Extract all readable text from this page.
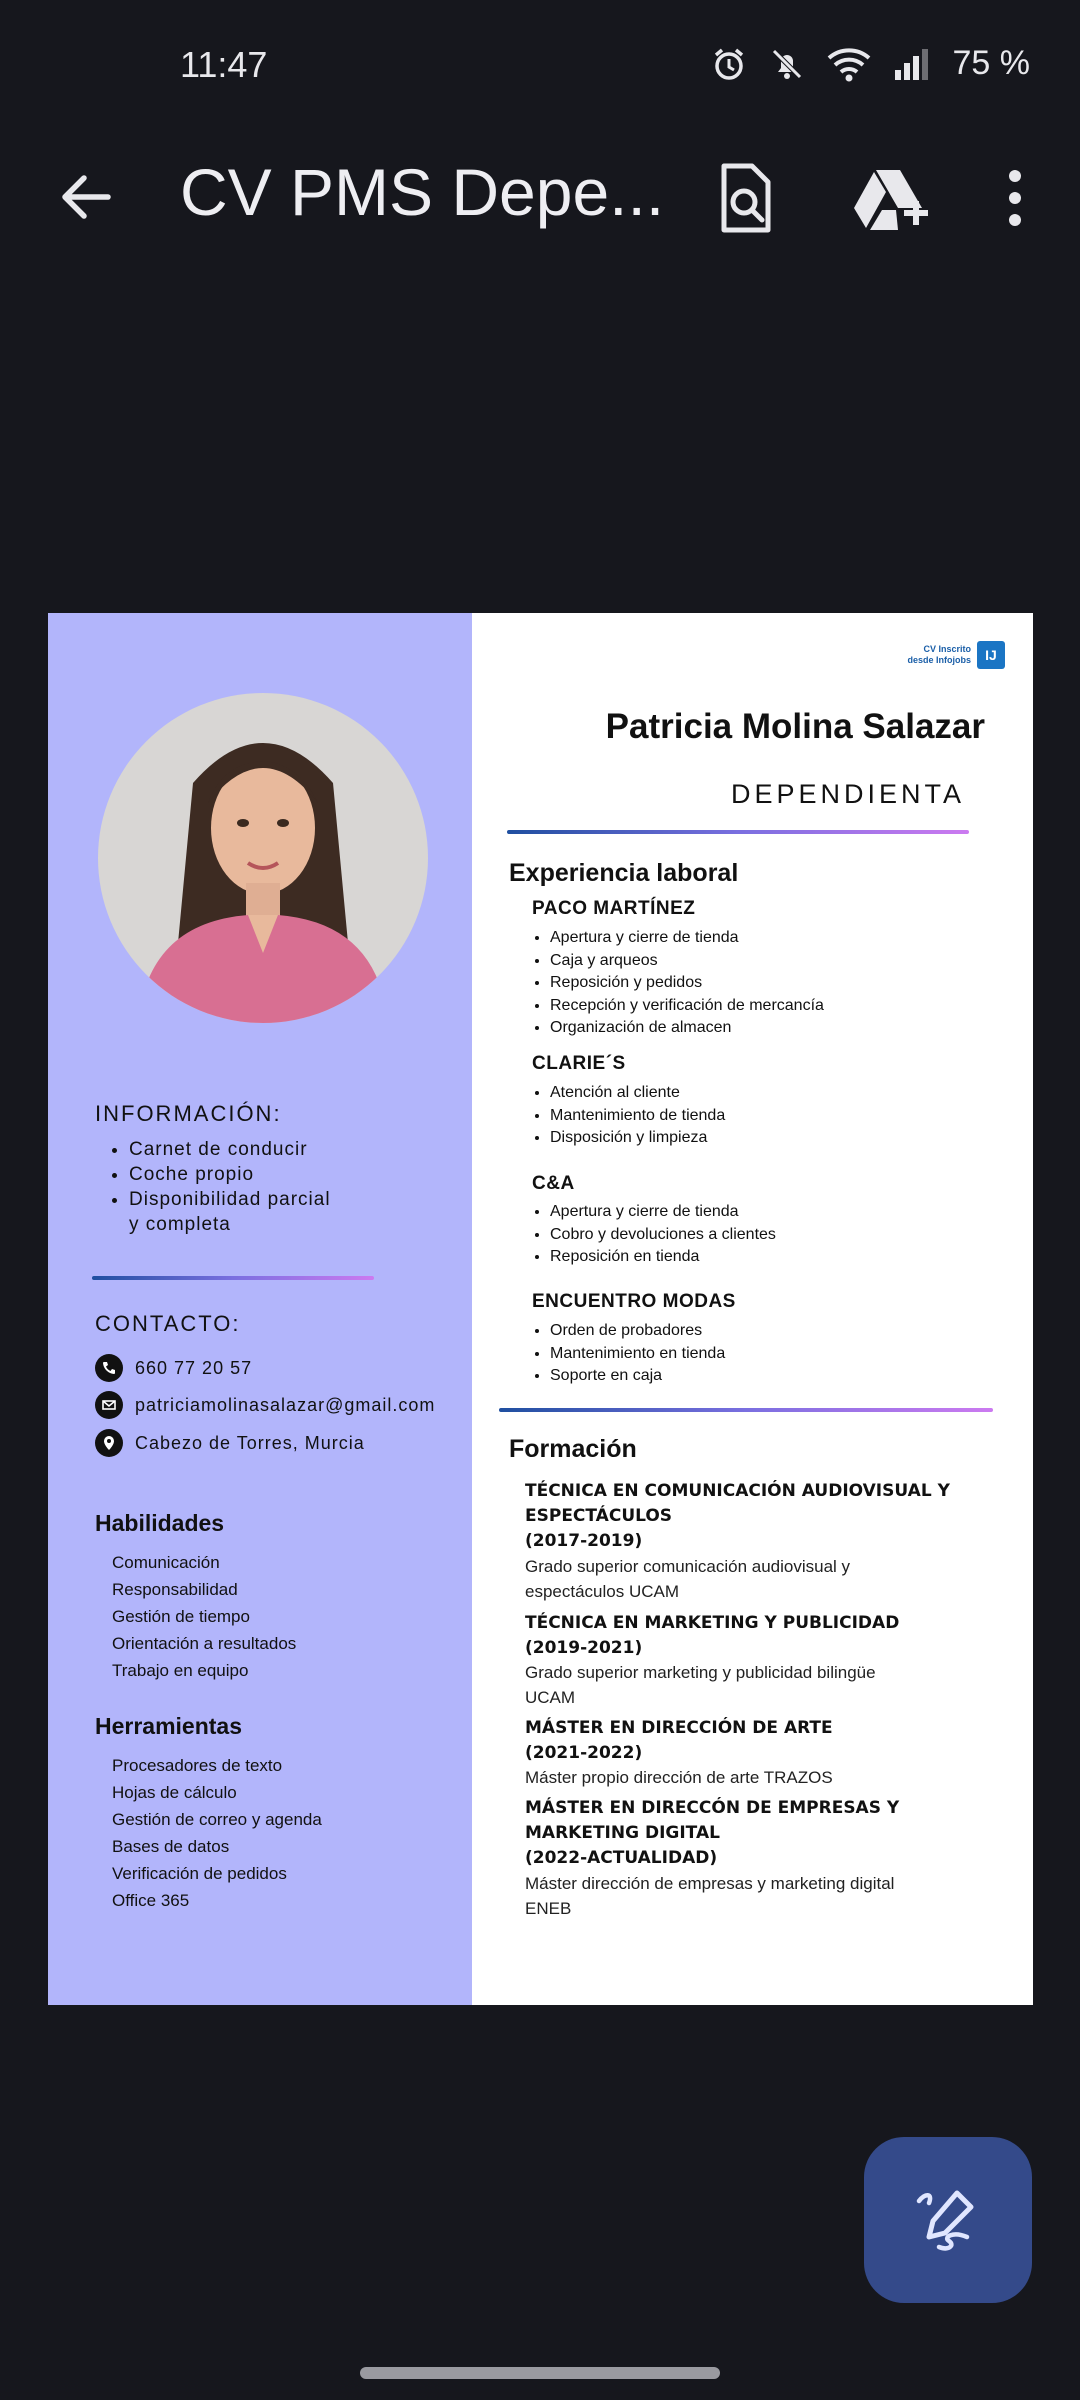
11:47	75 %
CV PMS Depe...
INFORMACIÓN:
• Carnet de conducir
• Coche propio
• Disponibilidad parcial
y completa
CONTACTO:
660 77 20 57
patriciamolinasalazar@gmail.com
Cabezo de Torres, Murcia
Habilidades
Comunicación
Responsabilidad
Gestión de tiempo
Orientación a resultados
Trabajo en equipo
Herramientas
Procesadores de texto
Hojas de cálculo
Gestión de correo y agenda
Bases de datos
Verificación de pedidos
Office 365
CV Inscrito
desde Infojobs	IJ
Patricia Molina Salazar
DEPENDIENTA
Experiencia laboral
PACO MARTÍNEZ
• Apertura y cierre de tienda
• Caja y arqueos
• Reposición y pedidos
• Recepción y verificación de mercancía
• Organización de almacen
CLARIE´S
• Atención al cliente
• Mantenimiento de tienda
• Disposición y limpieza
C&A
• Apertura y cierre de tienda
• Cobro y devoluciones a clientes
• Reposición en tienda
ENCUENTRO MODAS
• Orden de probadores
• Mantenimiento en tienda
• Soporte en caja
Formación
TÉCNICA EN COMUNICACIÓN AUDIOVISUAL Y
ESPECTÁCULOS
(2017-2019)
Grado superior comunicación audiovisual y
espectáculos UCAM
TÉCNICA EN MARKETING Y PUBLICIDAD
(2019-2021)
Grado superior marketing y publicidad bilingüe
UCAM
MÁSTER EN DIRECCIÓN DE ARTE
(2021-2022)
Máster propio dirección de arte TRAZOS
MÁSTER EN DIRECCÓN DE EMPRESAS Y
MARKETING DIGITAL
(2022-ACTUALIDAD)
Máster dirección de empresas y marketing digital
ENEB
